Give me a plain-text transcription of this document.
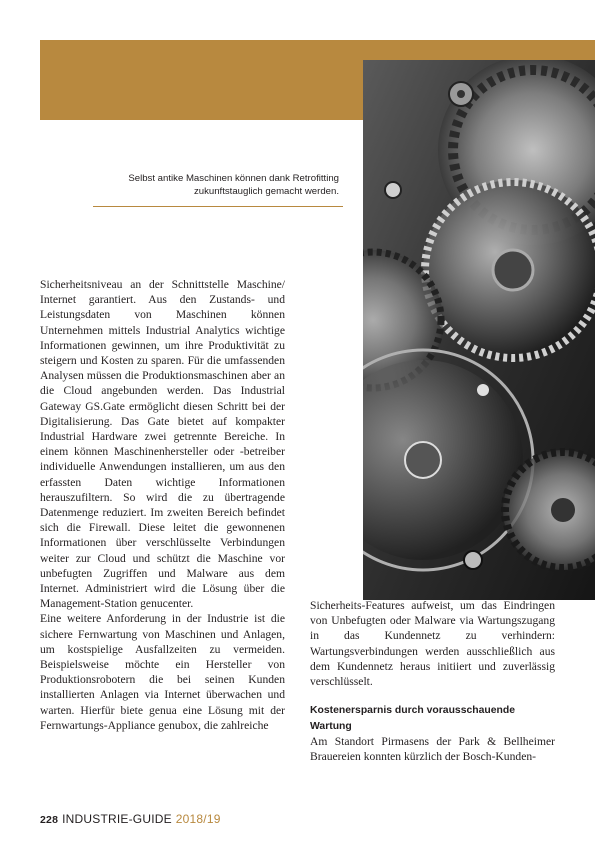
Selbst antike Maschinen können dank Retrofitting
zukunftstauglich gemacht werden.

Sicherheitsniveau an der Schnittstelle Maschine/ Internet garantiert. Aus den Zustands- und Leistungsdaten von Maschinen können Unternehmen mittels Industrial Analytics wichtige Informationen gewinnen, um ihre Produktivität zu steigern und Kosten zu sparen. Für die umfassenden Analysen müssen die Produktionsmaschinen aber an die Cloud angebunden werden. Das Industrial Gateway GS.Gate ermöglicht diesen Schritt bei der Digitalisierung. Das Gate bietet auf kompakter Industrial Hardware zwei getrennte Bereiche. In einem können Maschinenhersteller oder -betreiber individuelle Anwendungen installieren, um aus den erfassten Daten wichtige Informationen herauszufiltern. So wird die zu übertragende Datenmenge reduziert. Im zweiten Bereich befindet sich die Firewall. Diese leitet die gewonnenen Informationen über verschlüsselte Verbindungen weiter zur Cloud und schützt die Maschine vor unbefugten Zugriffen und Malware aus dem Internet. Administriert wird die Lösung über die Management-Station genucenter.

Eine weitere Anforderung in der Industrie ist die sichere Fernwartung von Maschinen und Anlagen, um kostspielige Ausfallzeiten zu vermeiden. Beispielsweise möchte ein Hersteller von Produktionsrobotern die bei seinen Kunden installierten Anlagen via Internet überwachen und warten. Hierfür biete genua eine Lösung mit der Fernwartungs-Appliance genubox, die zahlreiche

Sicherheits-Features aufweist, um das Eindringen von Unbefugten oder Malware via Wartungszugang in das Kundennetz zu verhindern: Wartungsverbindungen werden ausschließlich aus dem Kundennetz heraus initiiert und zuverlässig verschlüsselt.

Kostenersparnis durch vorausschauende Wartung

Am Standort Pirmasens der Park & Bellheimer Brauereien konnten kürzlich der Bosch-Kunden-

228 INDUSTRIE-GUIDE 2018/19
